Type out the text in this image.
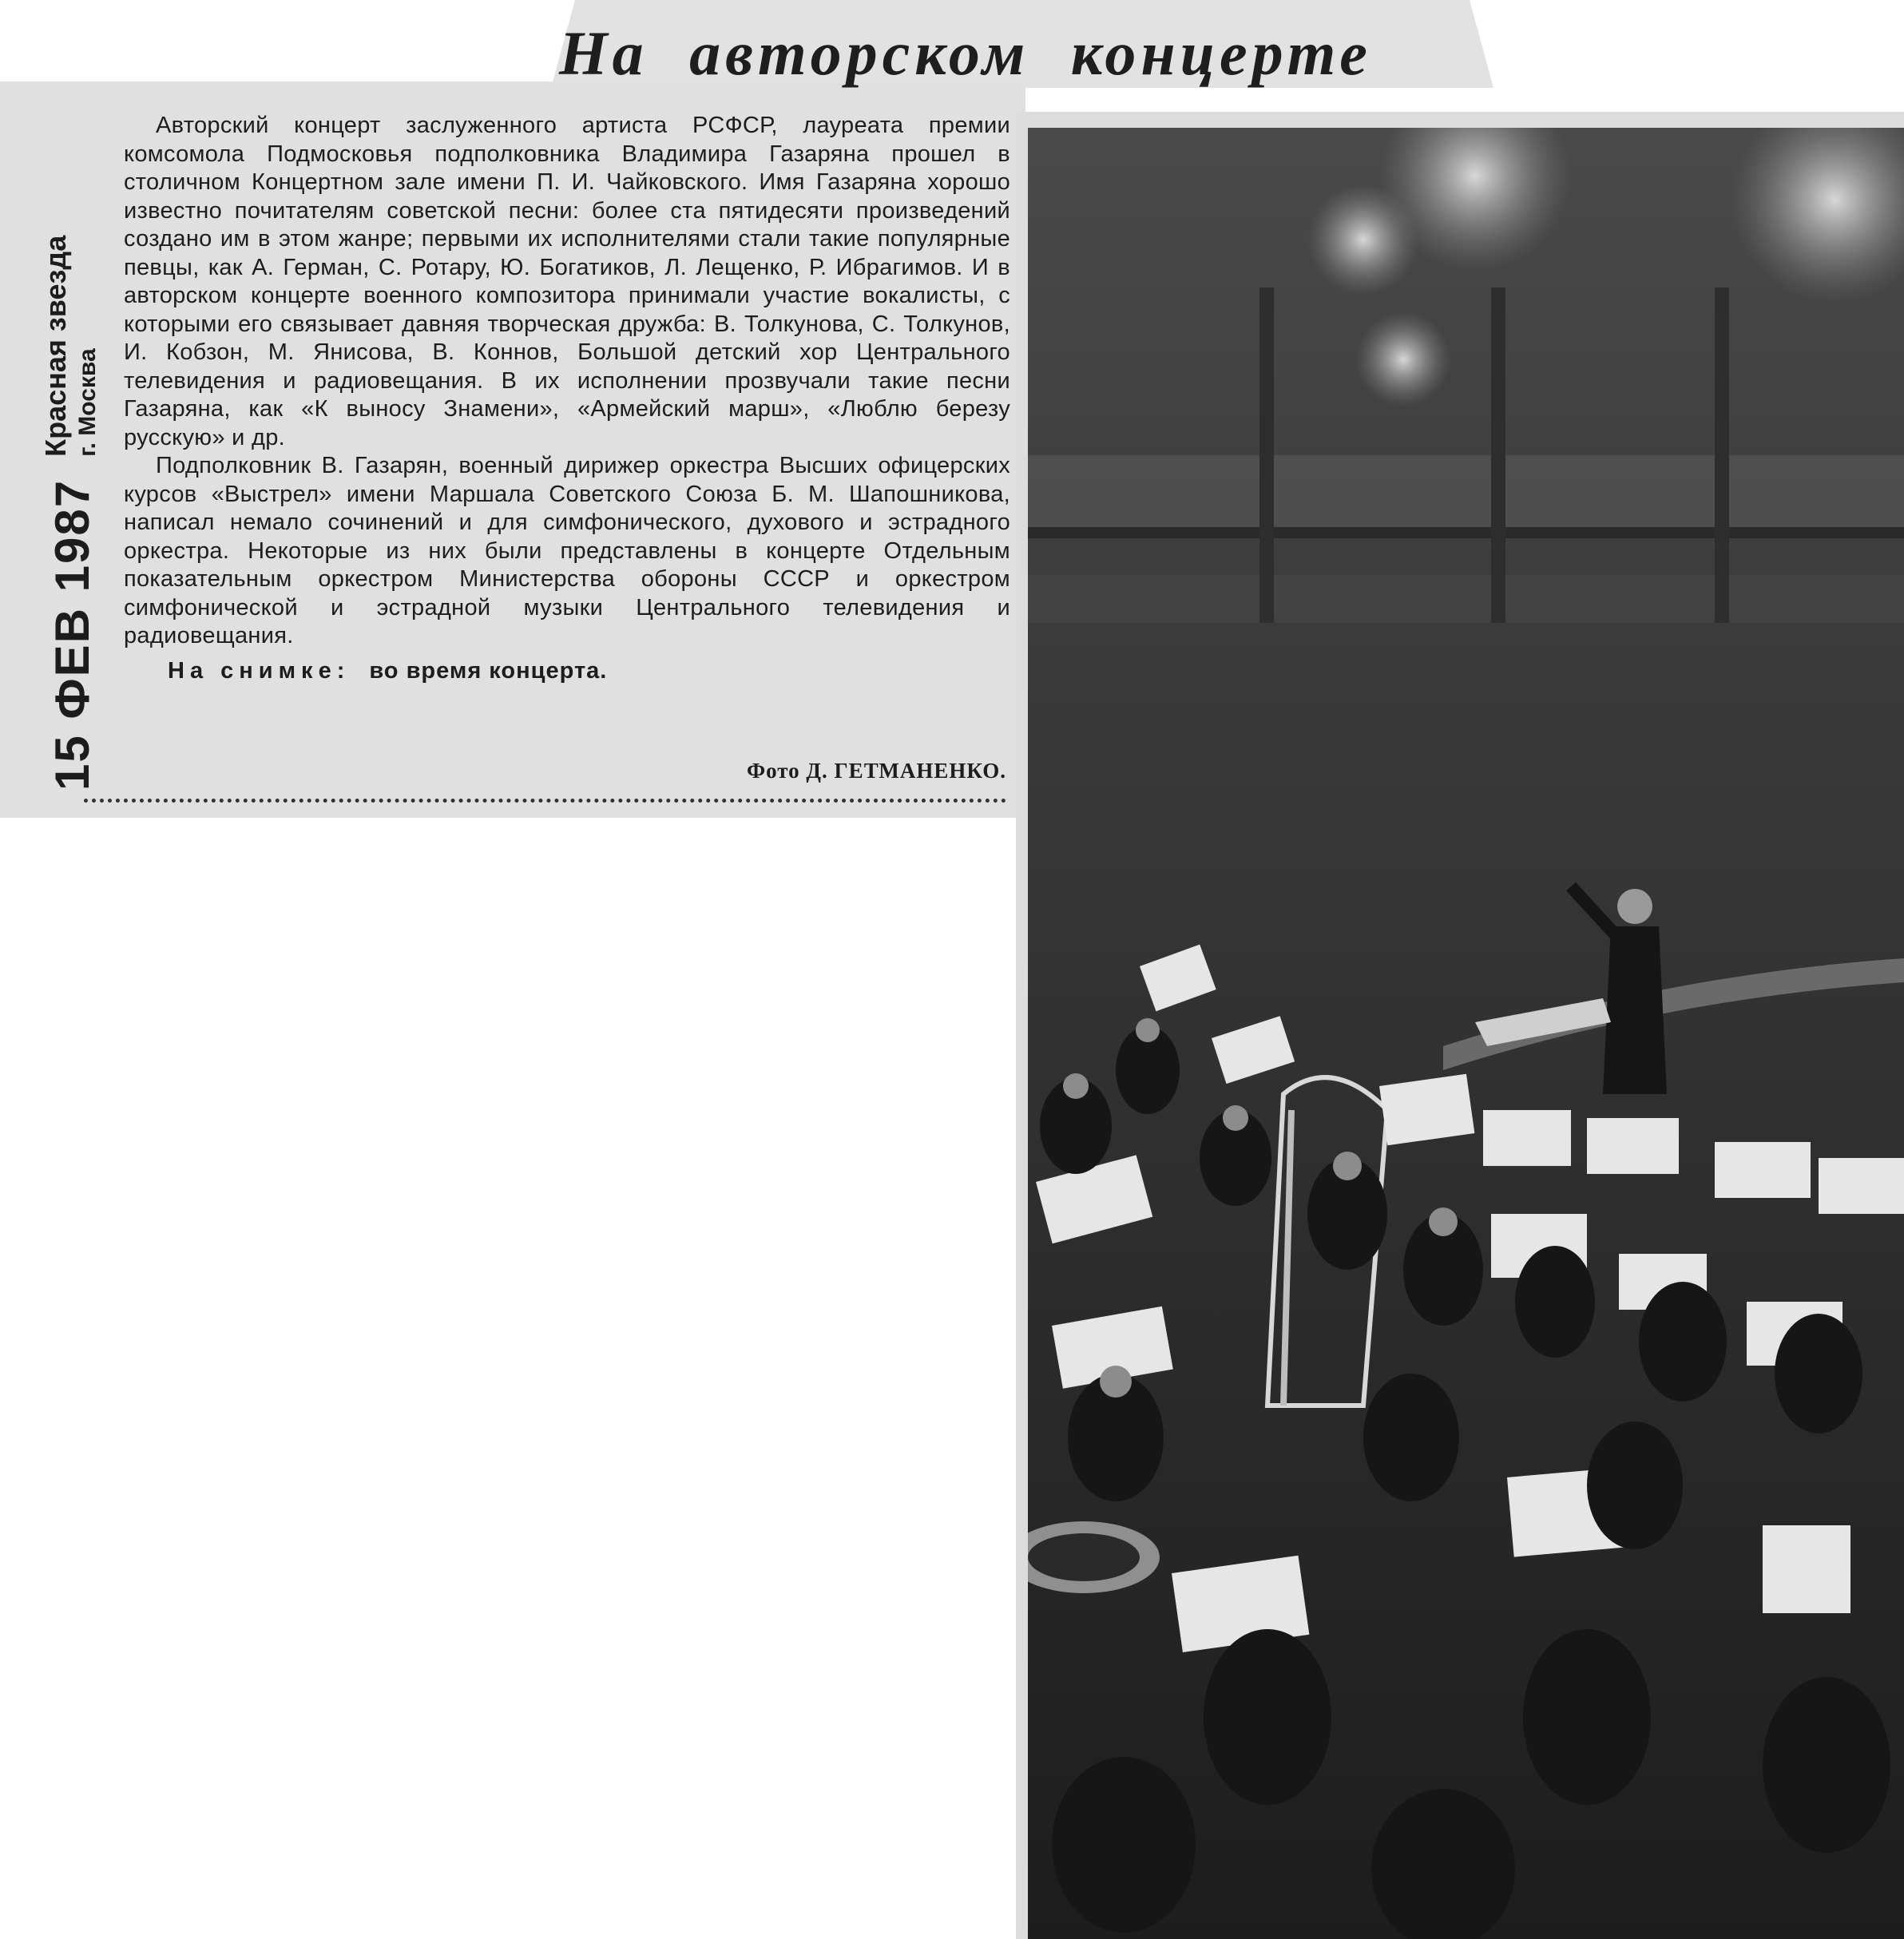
На авторском концерте
15 ФЕВ 1987
Красная звезда г. Москва

Авторский концерт заслуженного артиста РСФСР, лауреата премии комсомола Подмосковья подполковника Владимира Газаряна прошел в столичном Концертном зале имени П. И. Чайковского. Имя Газаряна хорошо известно почитателям советской песни: более ста пятидесяти произведений создано им в этом жанре; первыми их исполнителями стали такие популярные певцы, как А. Герман, С. Ротару, Ю. Богатиков, Л. Лещенко, Р. Ибрагимов. И в авторском концерте военного композитора принимали участие вокалисты, с которыми его связывает давняя творческая дружба: В. Толкунова, С. Толкунов, И. Кобзон, М. Янисова, В. Коннов, Большой детский хор Центрального телевидения и радиовещания. В их исполнении прозвучали такие песни Газаряна, как «К выносу Знамени», «Армейский марш», «Люблю березу русскую» и др.

Подполковник В. Газарян, военный дирижер оркестра Высших офицерских курсов «Выстрел» имени Маршала Советского Союза Б. М. Шапошникова, написал немало сочинений и для симфонического, духового и эстрадного оркестра. Некоторые из них были представлены в концерте Отдельным показательным оркестром Министерства обороны СССР и оркестром симфонической и эстрадной музыки Центрального телевидения и радиовещания.

На снимке: во время концерта.
Фото Д. ГЕТМАНЕНКО.
